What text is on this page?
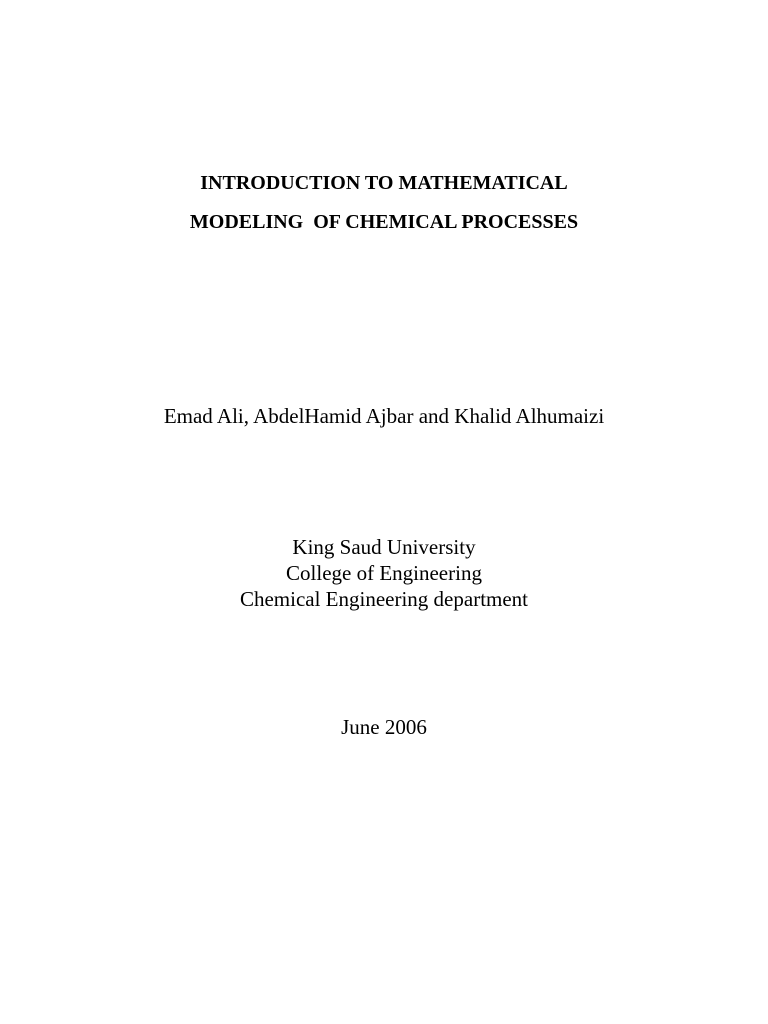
INTRODUCTION TO MATHEMATICAL
MODELING  OF CHEMICAL PROCESSES
Emad Ali, AbdelHamid Ajbar and Khalid Alhumaizi
King Saud University
College of Engineering
Chemical Engineering department
June 2006
